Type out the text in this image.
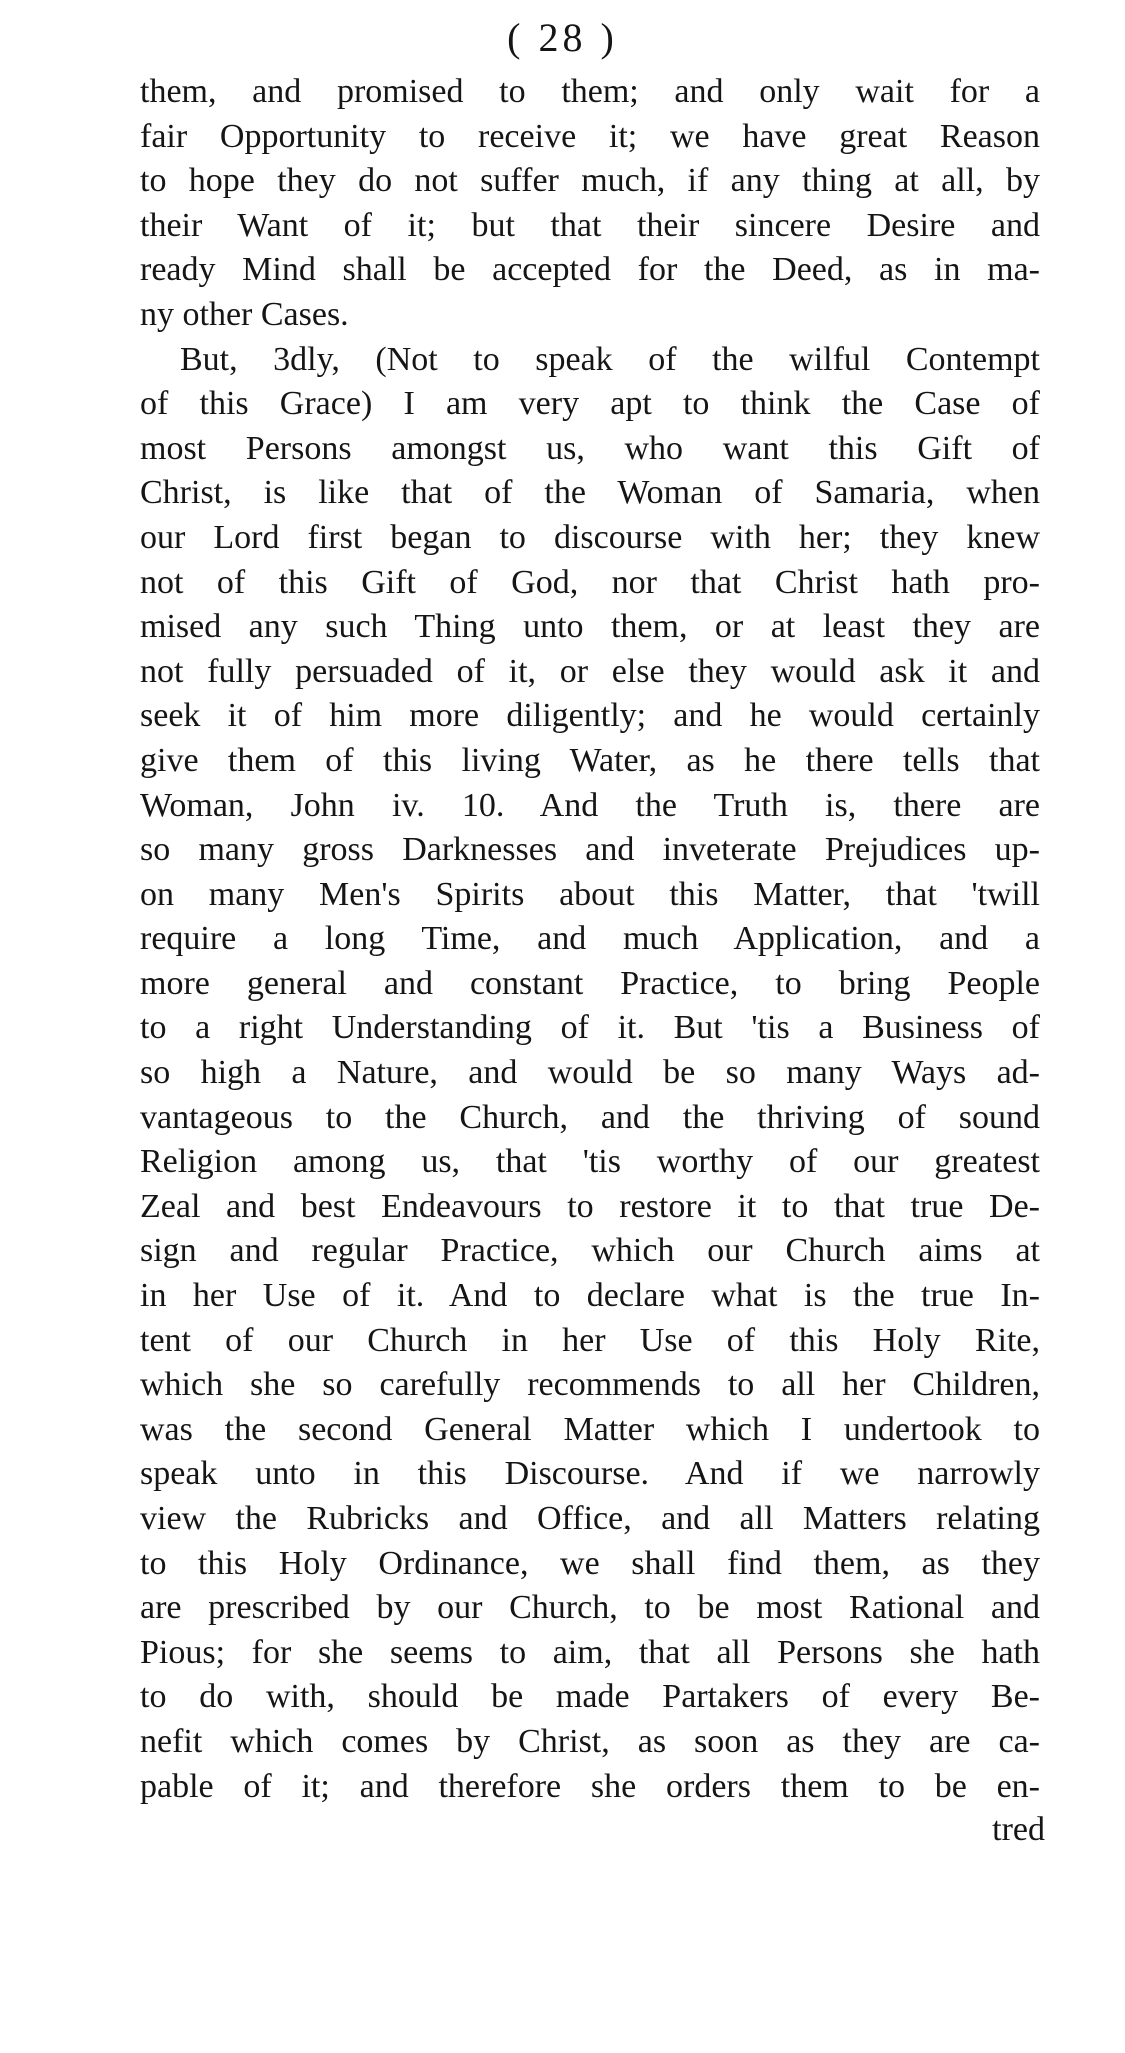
( 28 )
them, and promised to them; and only wait for a
fair Opportunity to receive it; we have great Reason
to hope they do not suffer much, if any thing at all, by
their Want of it; but that their sincere Desire and
ready Mind shall be accepted for the Deed, as in ma-
ny other Cases.
But, 3dly, (Not to speak of the wilful Contempt
of this Grace) I am very apt to think the Case of
most Persons amongst us, who want this Gift of
Christ, is like that of the Woman of Samaria, when
our Lord first began to discourse with her; they knew
not of this Gift of God, nor that Christ hath pro-
mised any such Thing unto them, or at least they are
not fully persuaded of it, or else they would ask it and
seek it of him more diligently; and he would certainly
give them of this living Water, as he there tells that
Woman, John iv. 10. And the Truth is, there are
so many gross Darknesses and inveterate Prejudices up-
on many Men's Spirits about this Matter, that 'twill
require a long Time, and much Application, and a
more general and constant Practice, to bring People
to a right Understanding of it. But 'tis a Business of
so high a Nature, and would be so many Ways ad-
vantageous to the Church, and the thriving of sound
Religion among us, that 'tis worthy of our greatest
Zeal and best Endeavours to restore it to that true De-
sign and regular Practice, which our Church aims at
in her Use of it. And to declare what is the true In-
tent of our Church in her Use of this Holy Rite,
which she so carefully recommends to all her Children,
was the second General Matter which I undertook to
speak unto in this Discourse. And if we narrowly
view the Rubricks and Office, and all Matters relating
to this Holy Ordinance, we shall find them, as they
are prescribed by our Church, to be most Rational and
Pious; for she seems to aim, that all Persons she hath
to do with, should be made Partakers of every Be-
nefit which comes by Christ, as soon as they are ca-
pable of it; and therefore she orders them to be en-
tred
